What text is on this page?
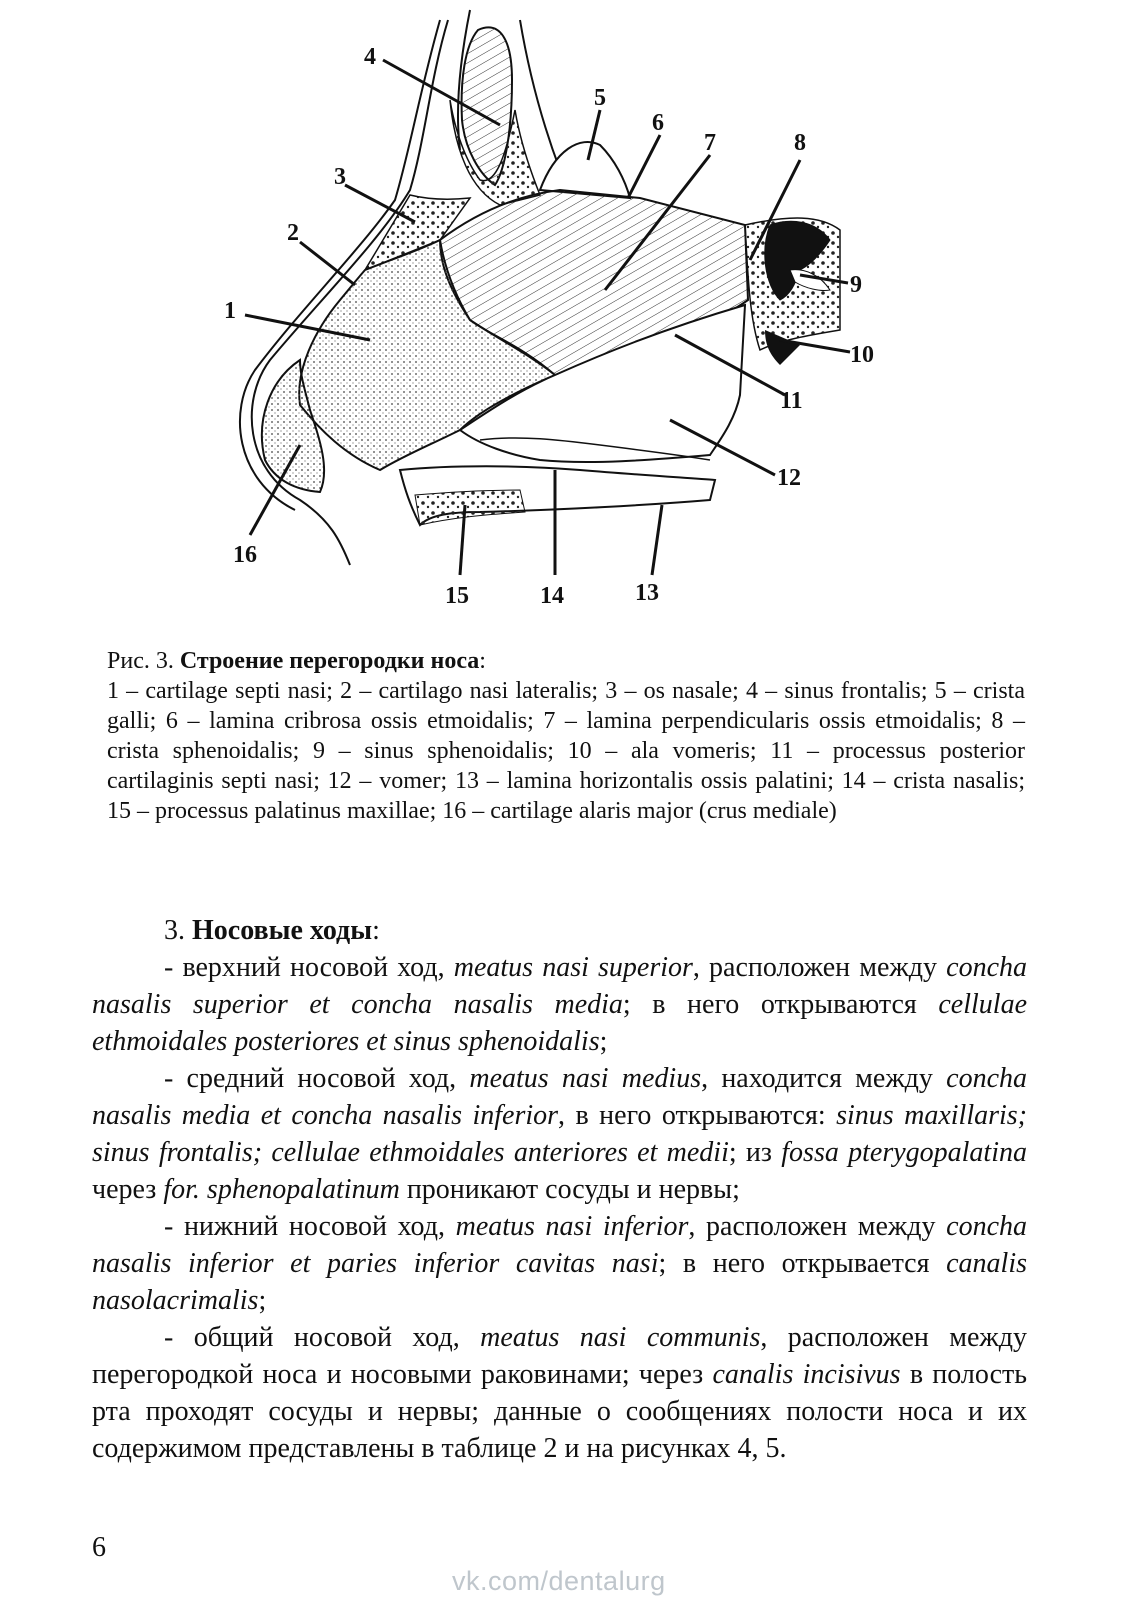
1
2
3
4
5
6
7	8
9
10
11
12
13
14
15
16
Рис. 3. Строение перегородки носа:
1 – cartilage septi nasi; 2 – cartilago nasi lateralis; 3 – os nasale; 4 – sinus frontalis; 5 – crista galli; 6 – lamina cribrosa ossis etmoidalis; 7 – lamina perpendicularis ossis etmoidalis; 8 – crista sphenoidalis; 9 – sinus sphenoidalis; 10 – ala vomeris; 11 – processus posterior cartilaginis septi nasi; 12 – vomer; 13 – lamina horizontalis ossis palatini; 14 – crista nasalis; 15 – processus palatinus maxillae; 16 – cartilage alaris major (crus mediale)

3. Носовые ходы:

- верхний носовой ход, meatus nasi superior, расположен между concha nasalis superior et concha nasalis media; в него открываются cellulae ethmoidales posteriores et sinus sphenoidalis;

- средний носовой ход, meatus nasi medius, находится между concha nasalis media et concha nasalis inferior, в него открываются: sinus maxillaris; sinus frontalis; cellulae ethmoidales anteriores et medii; из fossa pterygopalatina через for. sphenopalatinum проникают сосуды и нервы;

- нижний носовой ход, meatus nasi inferior, расположен между concha nasalis inferior et paries inferior cavitas nasi; в него открывается canalis nasolacrimalis;

- общий носовой ход, meatus nasi communis, расположен между перегородкой носа и носовыми раковинами; через canalis incisivus в полость рта проходят сосуды и нервы; данные о сообщениях полости носа и их содержимом представлены в таблице 2 и на рисунках 4, 5.

6
vk.com/dentalurg
